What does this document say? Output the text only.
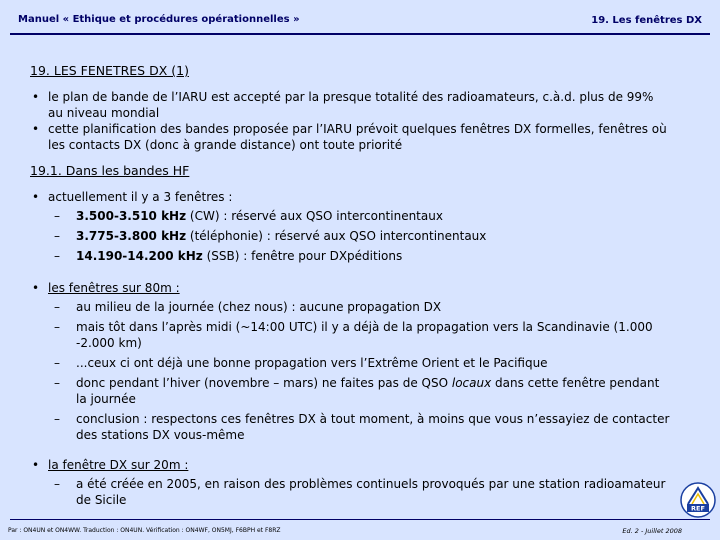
Manuel « Ethique et procédures opérationnelles »	19. Les fenêtres DX
19. LES FENETRES DX (1)
• le plan de bande de l’IARU est accepté par la presque totalité des radioamateurs, c.à.d. plus de 99% au niveau mondial
• cette planification des bandes proposée par l’IARU prévoit quelques fenêtres DX formelles, fenêtres où les contacts DX (donc à grande distance) ont toute priorité
19.1. Dans les bandes HF
• actuellement il y a 3 fenêtres :
– 3.500-3.510 kHz (CW) : réservé aux QSO intercontinentaux
– 3.775-3.800 kHz (téléphonie) : réservé aux QSO intercontinentaux
– 14.190-14.200 kHz (SSB) : fenêtre pour DXpéditions
• les fenêtres sur 80m :
– au milieu de la journée (chez nous) : aucune propagation DX
– mais tôt dans l’après midi (~14:00 UTC) il y a déjà de la propagation vers la Scandinavie (1.000 -2.000 km)
– ...ceux ci ont déjà une bonne propagation vers l’Extrême Orient et le Pacifique
– donc pendant l’hiver (novembre – mars) ne faites pas de QSO locaux dans cette fenêtre pendant la journée
– conclusion : respectons ces fenêtres DX à tout moment, à moins que vous n’essayiez de contacter des stations DX vous-même
• la fenêtre DX sur 20m :
– a été créée en 2005, en raison des problèmes continuels provoqués par une station radioamateur de Sicile
Par : ON4UN et ON4WW. Traduction : ON4UN. Vérification : ON4WF, ON5MJ, F6BPH et F8RZ	Ed. 2 - Juillet 2008
REF
